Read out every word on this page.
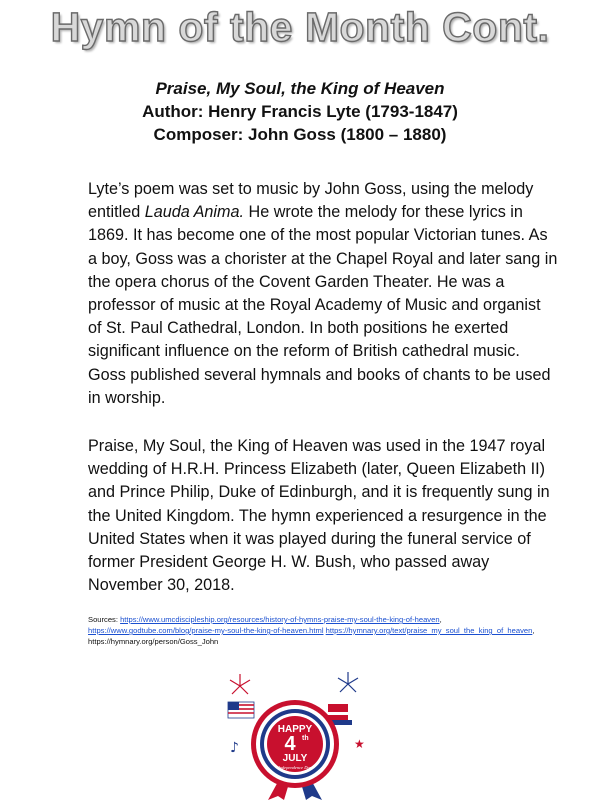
Hymn of the Month Cont.
Praise, My Soul, the King of Heaven
Author: Henry Francis Lyte (1793-1847)
Composer: John Goss (1800 – 1880)
Lyte’s poem was set to music by John Goss, using the melody entitled Lauda Anima. He wrote the melody for these lyrics in 1869. It has become one of the most popular Victorian tunes. As a boy, Goss was a chorister at the Chapel Royal and later sang in the opera chorus of the Covent Garden Theater. He was a professor of music at the Royal Academy of Music and organist of St. Paul Cathedral, London. In both positions he exerted significant influence on the reform of British cathedral music. Goss published several hymnals and books of chants to be used in worship.
Praise, My Soul, the King of Heaven was used in the 1947 royal wedding of H.R.H. Princess Elizabeth (later, Queen Elizabeth II) and Prince Philip, Duke of Edinburgh, and it is frequently sung in the United Kingdom. The hymn experienced a resurgence in the United States when it was played during the funeral service of former President George H. W. Bush, who passed away November 30, 2018.
Sources: https://www.umcdiscipleship.org/resources/history-of-hymns-praise-my-soul-the-king-of-heaven, https://www.godtube.com/blog/praise-my-soul-the-king-of-heaven.html https://hymnary.org/text/praise_my_soul_the_king_of_heaven, https://hymnary.org/person/Goss_John
♪	★
HAPPY
4 th
JULY
Independence Day
